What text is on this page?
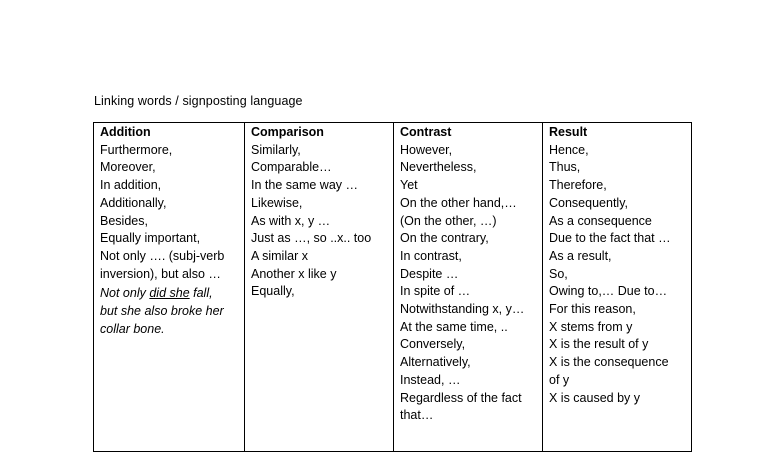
Linking words / signposting language
Addition
Furthermore,
Moreover,
In addition,
Additionally,
Besides,
Equally important,
Not only …. (subj-verb
inversion), but also …
Not only did she fall,
but she also broke her
collar bone.
Comparison
Similarly,
Comparable…
In the same way …
Likewise,
As with x, y …
Just as …, so ..x.. too
A similar x
Another x like y
Equally,
Contrast
However,
Nevertheless,
Yet
On the other hand,…
(On the other, …)
On the contrary,
In contrast,
Despite …
In spite of …
Notwithstanding x, y…
At the same time, ..
Conversely,
Alternatively,
Instead, …
Regardless of the fact
that…
Result
Hence,
Thus,
Therefore,
Consequently,
As a consequence
Due to the fact that …
As a result,
So,
Owing to,… Due to…
For this reason,
X stems from y
X is the result of y
X is the consequence
of y
X is caused by y
